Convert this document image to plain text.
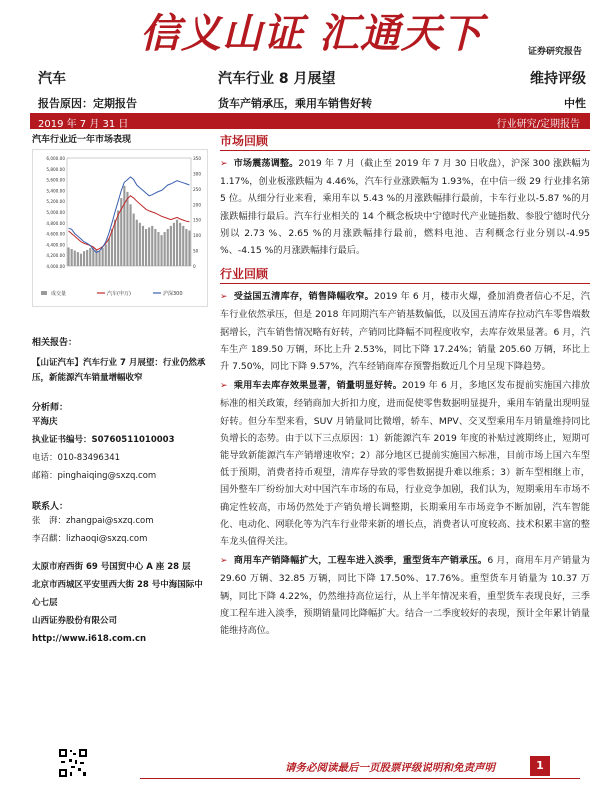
信义山证 汇通天下	证券研究报告
汽车	汽车行业 8 月展望	维持评级
报告原因：定期报告	货车产销承压，乘用车销售好转	中性
2019 年 7 月 31 日	行业研究/定期报告
汽车行业近一年市场表现
6,000.00
5,800.00
5,600.00
5,400.00
5,200.00
5,000.00
4,800.00
4,600.00
4,400.00
4,200.00
4,000.00
350
300
250
200
150
100
50
0
成交量	汽车(申万)	沪深300
相关报告：
【山证汽车】汽车行业 7 月展望：行业仍然承压，新能源汽车销量增幅收窄
分析师：
平海庆
执业证书编号：S0760511010003
电话：010-83496341
邮箱：pinghaiqing@sxzq.com
联系人：
张　湃：zhangpai@sxzq.com
李召麒：lizhaoqi@sxzq.com
太原市府西街 69 号国贸中心 A 座 28 层
北京市西城区平安里西大街 28 号中海国际中心七层
山西证券股份有限公司
http://www.i618.com.cn
市场回顾
➢ 市场震荡调整。2019 年 7 月（截止至 2019 年 7 月 30 日收盘），沪深 300 涨跌幅为 1.17%，创业板涨跌幅为 4.46%，汽车行业涨跌幅为 1.93%，在中信一级 29 行业排名第 5 位。从细分行业来看，乘用车以 5.43 %的月涨跌幅排行最前，卡车行业以-5.87 %的月涨跌幅排行最后。汽车行业相关的 14 个概念板块中宁德时代产业链指数、参股宁德时代分别以 2.73 %、2.65 %的月涨跌幅排行最前，燃料电池、吉利概念行业分别以-4.95 %、-4.15 %的月涨跌幅排行最后。
行业回顾
➢ 受益国五清库存，销售降幅收窄。2019 年 6 月，楼市火爆，叠加消费者信心不足，汽车行业依然承压，但是 2018 年同期汽车产销基数偏低，以及国五清库存拉动汽车零售端数据增长，汽车销售情况略有好转，产销同比降幅不同程度收窄，去库存效果显著。6 月，汽车生产 189.50 万辆，环比上升 2.53%，同比下降 17.24%；销量 205.60 万辆，环比上升 7.50%，同比下降 9.57%，汽车经销商库存预警指数近几个月呈现下降趋势。
➢ 乘用车去库存效果显著，销量明显好转。2019 年 6 月，多地区发布提前实施国六排放标准的相关政策，经销商加大折扣力度，进而促使零售数据明显提升，乘用车销量出现明显好转。但分车型来看，SUV 月销量同比微增，轿车、MPV、交叉型乘用车月销量维持同比负增长的态势。由于以下三点原因：1）新能源汽车 2019 年度的补贴过渡期终止，短期可能导致新能源汽车产销增速收窄；2）部分地区已提前实施国六标准，目前市场上国六车型低于预期，消费者持币观望，清库存导致的零售数据提升难以维系；3）新车型相继上市，国外整车厂纷纷加大对中国汽车市场的布局，行业竞争加剧，我们认为，短期乘用车市场不确定性较高，市场仍然处于产销负增长调整期，长期乘用车市场竞争不断加剧，汽车智能化、电动化、网联化等为汽车行业带来新的增长点，消费者认可度较高、技术积累丰富的整车龙头值得关注。
➢ 商用车产销降幅扩大，工程车进入淡季，重型货车产销承压。6 月，商用车月产销量为 29.60 万辆、32.85 万辆，同比下降 17.50%、17.76%。重型货车月销量为 10.37 万辆，同比下降 4.22%，仍然维持高位运行，从上半年情况来看，重型货车表现良好，三季度工程车进入淡季，预期销量同比降幅扩大。结合一二季度较好的表现，预计全年累计销量能维持高位。
请务必阅读最后一页股票评级说明和免责声明	1
